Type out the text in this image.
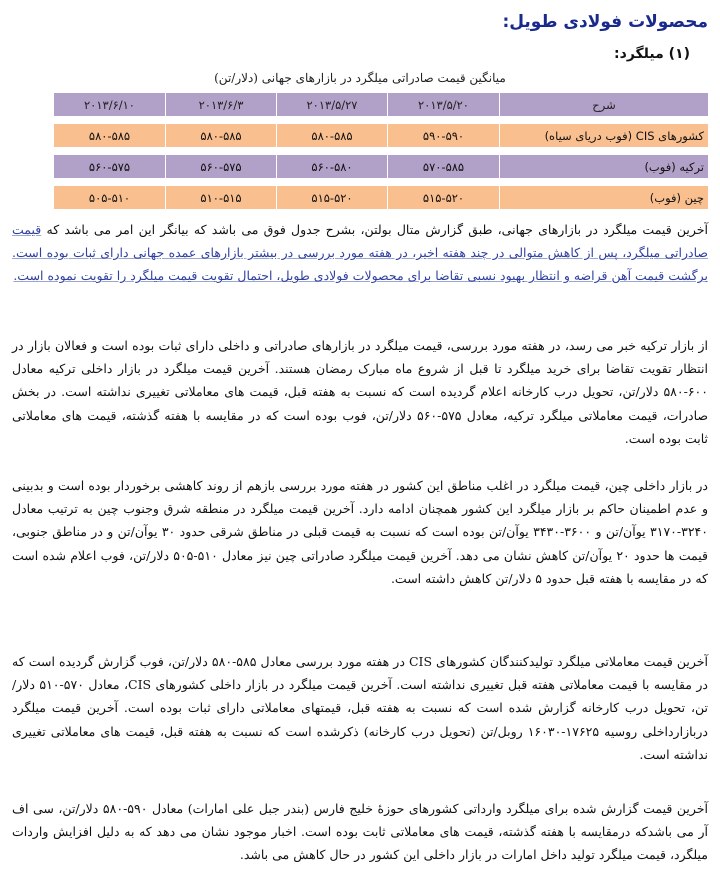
محصولات فولادی طویل:
(۱) میلگرد:
میانگین قیمت صادراتی میلگرد در بازارهای جهانی (دلار/تن)
شرح	۲۰۱۳/۵/۲۰	۲۰۱۳/۵/۲۷	۲۰۱۳/۶/۳	۲۰۱۳/۶/۱۰

کشورهای CIS (فوب دریای سیاه)	۵۹۰-۵۹۰	۵۸۰-۵۸۵	۵۸۰-۵۸۵	۵۸۰-۵۸۵

ترکیه (فوب)	۵۷۰-۵۸۵	۵۶۰-۵۸۰	۵۶۰-۵۷۵	۵۶۰-۵۷۵

چین (فوب)	۵۱۵-۵۲۰	۵۱۵-۵۲۰	۵۱۰-۵۱۵	۵۰۵-۵۱۰

آخرین قیمت میلگرد در بازارهای جهانی، طبق گزارش متال بولتن، بشرح جدول فوق می باشد که بیانگر این امر می باشد که قیمت صادراتی میلگرد، پس از کاهش متوالی در چند هفته اخیر، در هفته مورد بررسی در بیشتر بازارهای عمده جهانی دارای ثبات بوده است. برگشت قیمت آهن قراضه و انتظار بهبود نسبی تقاضا برای محصولات فولادی طویل، احتمال تقویت قیمت میلگرد را تقویت نموده است.

از بازار ترکیه خبر می رسد، در هفته مورد بررسی، قیمت میلگرد در بازارهای صادراتی و داخلی دارای ثبات بوده است و فعالان بازار در انتظار تقویت تقاضا برای خرید میلگرد تا قبل از شروع ماه مبارک رمضان هستند. آخرین قیمت میلگرد در بازار داخلی ترکیه معادل ۶۰۰-۵۸۰ دلار/تن، تحویل درب کارخانه اعلام گردیده است که نسبت به هفته قبل، قیمت های معاملاتی تغییری نداشته است. در بخش صادرات، قیمت معاملاتی میلگرد ترکیه، معادل ۵۷۵-۵۶۰ دلار/تن، فوب بوده است که در مقایسه با هفته گذشته، قیمت های معاملاتی ثابت بوده است.

در بازار داخلی چین، قیمت میلگرد در اغلب مناطق این کشور در هفته مورد بررسی بازهم از روند کاهشی برخوردار بوده است و بدبینی و عدم اطمینان حاکم بر بازار میلگرد این کشور همچنان ادامه دارد. آخرین قیمت میلگرد در منطقه شرق وجنوب چین به ترتیب معادل ۳۲۴۰-۳۱۷۰ یوآن/تن و ۳۶۰۰-۳۴۳۰ یوآن/تن بوده است که نسبت به قیمت قبلی در مناطق شرقی حدود ۳۰ یوآن/تن و در مناطق جنوبی، قیمت ها حدود ۲۰ یوآن/تن کاهش نشان می دهد. آخرین قیمت میلگرد صادراتی چین نیز معادل ۵۱۰-۵۰۵ دلار/تن، فوب اعلام شده است که در مقایسه با هفته قبل حدود ۵ دلار/تن کاهش داشته است.

آخرین قیمت معاملاتی میلگرد تولیدکنندگان کشورهای CIS در هفته مورد بررسی معادل ۵۸۵-۵۸۰ دلار/تن، فوب گزارش گردیده است که در مقایسه با قیمت معاملاتی هفته قبل تغییری نداشته است. آخرین قیمت میلگرد در بازار داخلی کشورهای CIS، معادل ۵۷۰-۵۱۰ دلار/تن، تحویل درب کارخانه گزارش شده است که نسبت به هفته قبل، قیمتهای معاملاتی دارای ثبات بوده است. آخرین قیمت میلگرد دربازارداخلی روسیه ۱۷۶۲۵-۱۶۰۳۰ روبل/تن (تحویل درب کارخانه) ذکرشده است که نسبت به هفته قبل، قیمت های معاملاتی تغییری نداشته است.

آخرین قیمت گزارش شده برای میلگرد وارداتی کشورهای حوزهٔ خلیج فارس (بندر جبل علی امارات) معادل ۵۹۰-۵۸۰ دلار/تن، سی اف آر می باشدکه درمقایسه با هفته گذشته، قیمت های معاملاتی ثابت بوده است. اخبار موجود نشان می دهد که به دلیل افزایش واردات میلگرد، قیمت میلگرد تولید داخل امارات در بازار داخلی این کشور در حال کاهش می باشد.
